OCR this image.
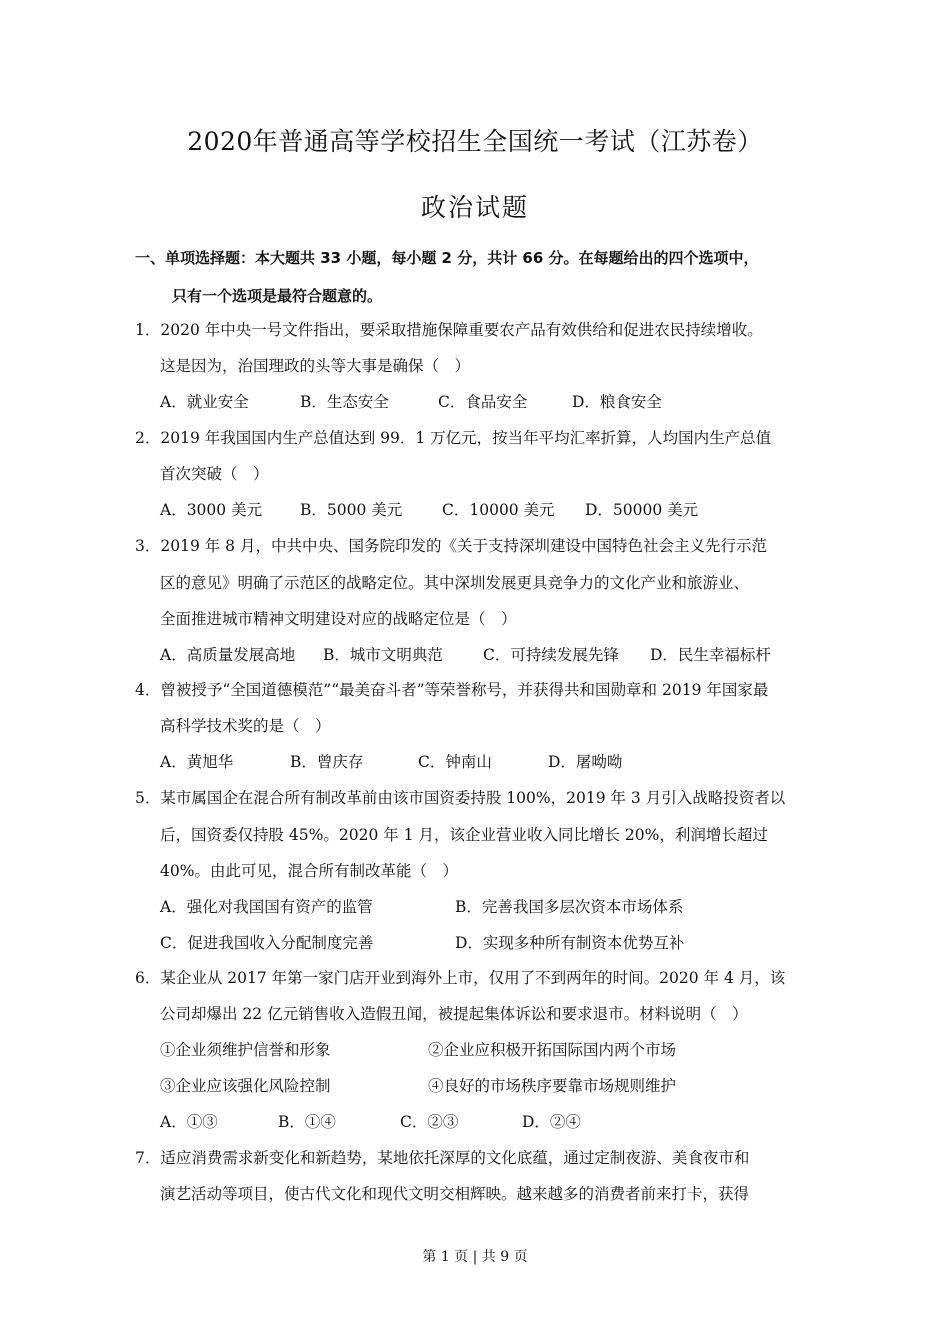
2020年普通高等学校招生全国统一考试（江苏卷）
政治试题
一、单项选择题：本大题共 33 小题，每小题 2 分，共计 66 分。在每题给出的四个选项中，
只有一个选项是最符合题意的。
1．2020 年中央一号文件指出，要采取措施保障重要农产品有效供给和促进农民持续增收。
这是因为，治国理政的头等大事是确保（　）
A．就业安全	B．生态安全	C．食品安全	D．粮食安全
2．2019 年我国国内生产总值达到 99．1 万亿元，按当年平均汇率折算，人均国内生产总值
首次突破（　）
A．3000 美元 B．5000 美元	C．10000 美元 D．50000 美元
3．2019 年 8 月，中共中央、国务院印发的《关于支持深圳建设中国特色社会主义先行示范
区的意见》明确了示范区的战略定位。其中深圳发展更具竞争力的文化产业和旅游业、
全面推进城市精神文明建设对应的战略定位是（　）
A．高质量发展高地 B．城市文明典范	C．可持续发展先锋 D．民生幸福标杆
4．曾被授予“全国道德模范”“最美奋斗者”等荣誉称号，并获得共和国勋章和 2019 年国家最
高科学技术奖的是（　）
A．黄旭华	B．曾庆存	C．钟南山	D．屠呦呦
5．某市属国企在混合所有制改革前由该市国资委持股 100%，2019 年 3 月引入战略投资者以
后，国资委仅持股 45%。2020 年 1 月，该企业营业收入同比增长 20%，利润增长超过
40%。由此可见，混合所有制改革能（　）
A．强化对我国国有资产的监管	B．完善我国多层次资本市场体系
C．促进我国收入分配制度完善	D．实现多种所有制资本优势互补
6．某企业从 2017 年第一家门店开业到海外上市，仅用了不到两年的时间。2020 年 4 月，该
公司却爆出 22 亿元销售收入造假丑闻，被提起集体诉讼和要求退市。材料说明（　）
①企业须维护信誉和形象	②企业应积极开拓国际国内两个市场
③企业应该强化风险控制	④良好的市场秩序要靠市场规则维护
A．①③	B．①④	C．②③	D．②④
7．适应消费需求新变化和新趋势，某地依托深厚的文化底蕴，通过定制夜游、美食夜市和
演艺活动等项目，使古代文化和现代文明交相辉映。越来越多的消费者前来打卡，获得
第 1 页 | 共 9 页
